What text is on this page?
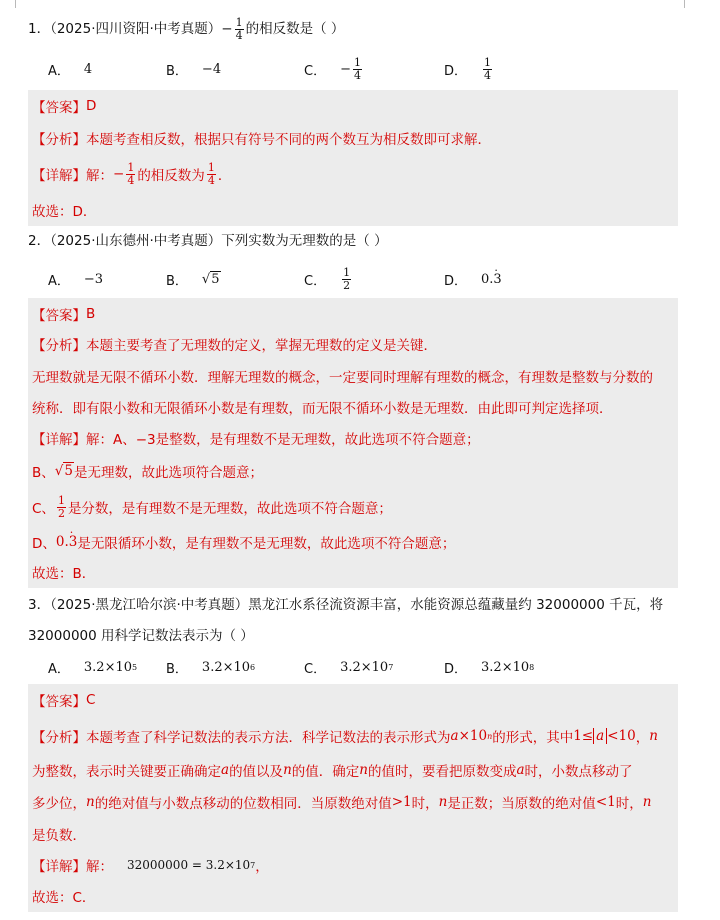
1．（2025·四川资阳·中考真题）− $\frac{1}{4}$ 的相反数是（ ）
A． 4	B． −4	C． − $\frac{1}{4}$	D． $\frac{1}{4}$
【答案】 D
【分析】 本题考查相反数，根据只有符号不同的两个数互为相反数即可求解．
【详解】 解： − $\frac{1}{4}$ 的相反数为 $\frac{1}{4}$ ．
故选：D．
2．（2025·山东德州·中考真题）下列实数为无理数的是（ ）
A． −3	B． √5	C． $\frac{1}{2}$	D． 0. 3 ·
【答案】 B
【分析】 本题主要考查了无理数的定义，掌握无理数的定义是关键．
无理数就是无限不循环小数．理解无理数的概念，一定要同时理解有理数的概念，有理数是整数与分数的
统称．即有限小数和无限循环小数是有理数，而无限不循环小数是无理数．由此即可判定选择项．
【详解】 解：A、−3是整数，是有理数不是无理数，故此选项不符合题意；
B、 √5 是无理数，故此选项符合题意；
C、 $\frac{1}{2}$ 是分数，是有理数不是无理数，故此选项不符合题意；
D、 0. 3 · 是无限循环小数，是有理数不是无理数，故此选项不符合题意；
故选：B．
3．（2025·黑龙江哈尔滨·中考真题）黑龙江水系径流资源丰富，水能资源总蕴藏量约 32000000 千瓦，将
32000000 用科学记数法表示为（ ）
A． 3.2×10 5 B． 3.2×10 6	C． 3.2×10 7	D． 3.2×10 8
【答案】 C
【分析】 本题考查了科学记数法的表示方法．科学记数法的表示形式为 a ×10 n 的形式，其中 1≤ a <10 ， n
为整数，表示时关键要正确确定 a 的值以及 n 的值．确定 n 的值时，要看把原数变成 a 时，小数点移动了
多少位， n 的绝对值与小数点移动的位数相同．当原数绝对值 >1 时， n 是正数；当原数的绝对值 <1 时， n
是负数．
【详解】 解： 32000000 = 3.2×10 7 ，
故选：C．
